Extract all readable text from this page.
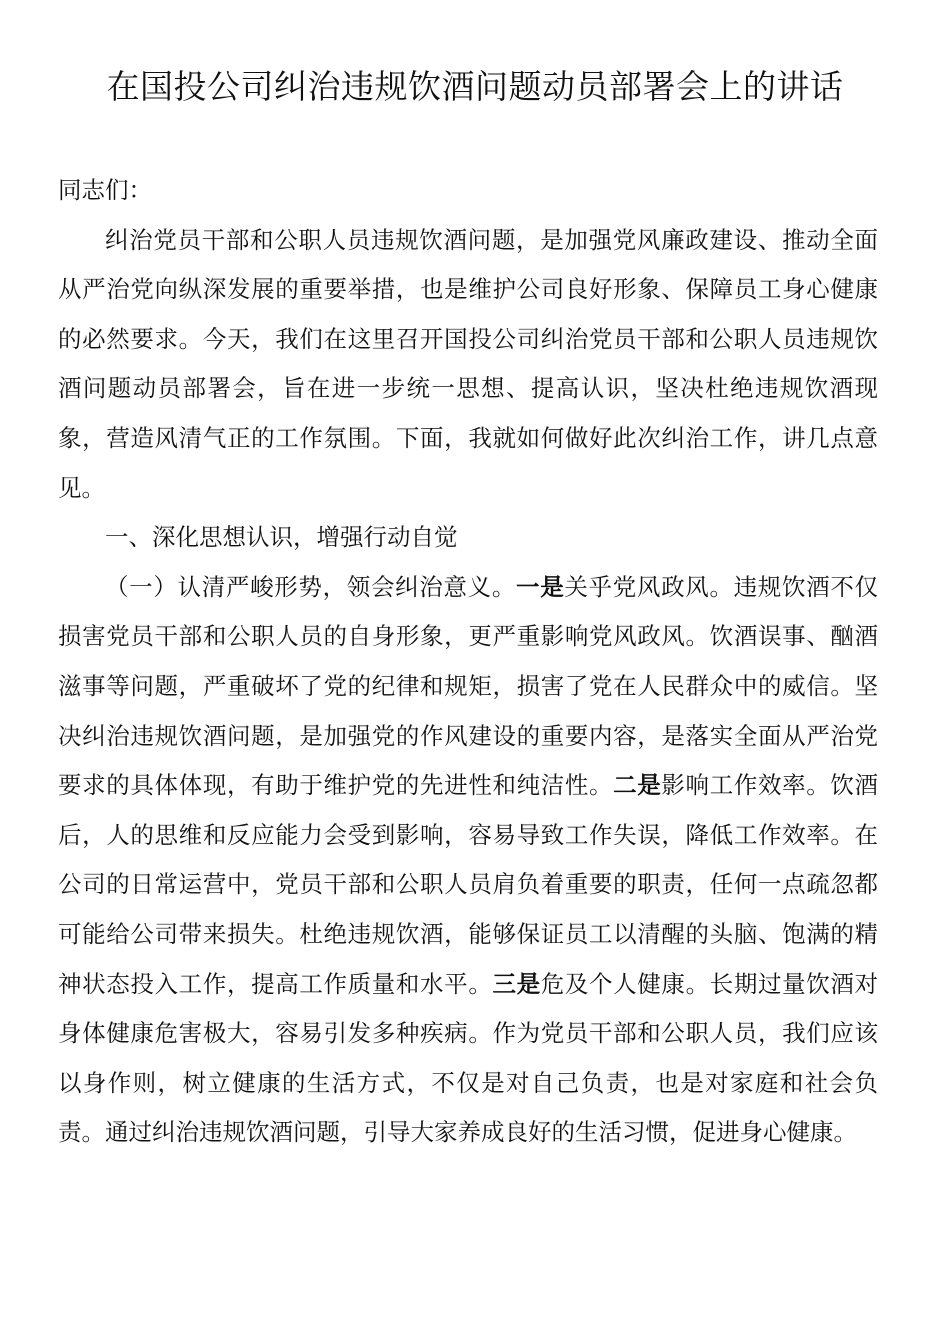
在国投公司纠治违规饮酒问题动员部署会上的讲话

同志们：

纠治党员干部和公职人员违规饮酒问题，是加强党风廉政建设、推动全面从严治党向纵深发展的重要举措，也是维护公司良好形象、保障员工身心健康的必然要求。今天，我们在这里召开国投公司纠治党员干部和公职人员违规饮酒问题动员部署会，旨在进一步统一思想、提高认识，坚决杜绝违规饮酒现象，营造风清气正的工作氛围。下面，我就如何做好此次纠治工作，讲几点意见。

一、深化思想认识，增强行动自觉

（一）认清严峻形势，领会纠治意义。一是关乎党风政风。违规饮酒不仅损害党员干部和公职人员的自身形象，更严重影响党风政风。饮酒误事、酗酒滋事等问题，严重破坏了党的纪律和规矩，损害了党在人民群众中的威信。坚决纠治违规饮酒问题，是加强党的作风建设的重要内容，是落实全面从严治党要求的具体体现，有助于维护党的先进性和纯洁性。二是影响工作效率。饮酒后，人的思维和反应能力会受到影响，容易导致工作失误，降低工作效率。在公司的日常运营中，党员干部和公职人员肩负着重要的职责，任何一点疏忽都可能给公司带来损失。杜绝违规饮酒，能够保证员工以清醒的头脑、饱满的精神状态投入工作，提高工作质量和水平。三是危及个人健康。长期过量饮酒对身体健康危害极大，容易引发多种疾病。作为党员干部和公职人员，我们应该以身作则，树立健康的生活方式，不仅是对自己负责，也是对家庭和社会负责。通过纠治违规饮酒问题，引导大家养成良好的生活习惯，促进身心健康。
